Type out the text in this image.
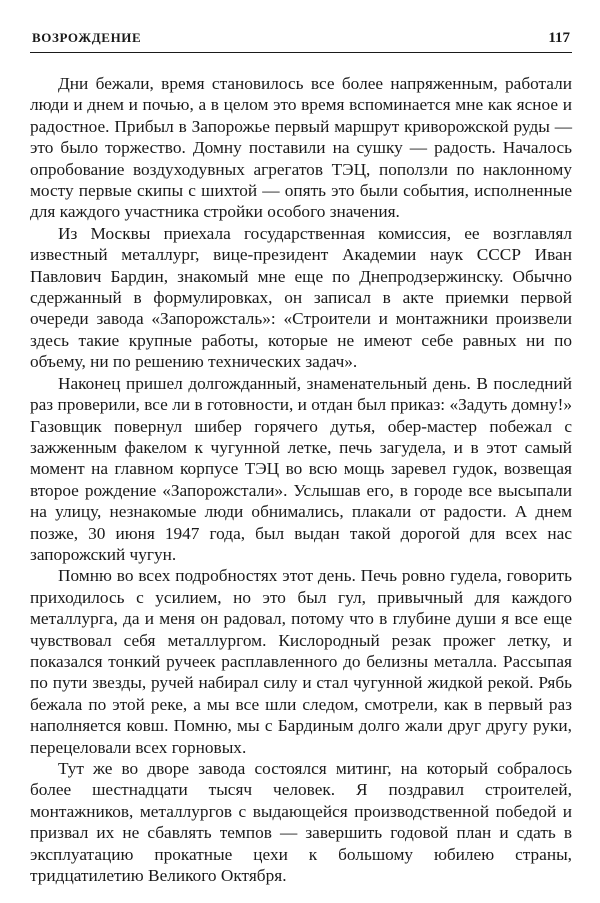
ВОЗРОЖДЕНИЕ	117

Дни бежали, время становилось все более напряженным, работали люди и днем и почью, а в целом это время вспоминается мне как ясное и радостное. Прибыл в Запорожье первый маршрут криворожской руды — это было торжество. Домну поставили на сушку — радость. Началось опробование воздуходувных агрегатов ТЭЦ, поползли по наклонному мосту первые скипы с шихтой — опять это были события, исполненные для каждого участника стройки особого значения.

Из Москвы приехала государственная комиссия, ее возглавлял известный металлург, вице-президент Академии наук СССР Иван Павлович Бардин, знакомый мне еще по Днепродзержинску. Обычно сдержанный в формулировках, он записал в акте приемки первой очереди завода «Запорожсталь»: «Строители и монтажники произвели здесь такие крупные работы, которые не имеют себе равных ни по объему, ни по решению технических задач».

Наконец пришел долгожданный, знаменательный день. В последний раз проверили, все ли в готовности, и отдан был приказ: «Задуть домну!» Газовщик повернул шибер горячего дутья, обер-мастер побежал с зажженным факелом к чугунной летке, печь загудела, и в этот самый момент на главном корпусе ТЭЦ во всю мощь заревел гудок, возвещая второе рождение «Запорожстали». Услышав его, в городе все высыпали на улицу, незнакомые люди обнимались, плакали от радости. А днем позже, 30 июня 1947 года, был выдан такой дорогой для всех нас запорожский чугун.

Помню во всех подробностях этот день. Печь ровно гудела, говорить приходилось с усилием, но это был гул, привычный для каждого металлурга, да и меня он радовал, потому что в глубине души я все еще чувствовал себя металлургом. Кислородный резак прожег летку, и показался тонкий ручеек расплавленного до белизны металла. Рассыпая по пути звезды, ручей набирал силу и стал чугунной жидкой рекой. Рябь бежала по этой реке, а мы все шли следом, смотрели, как в первый раз наполняется ковш. Помню, мы с Бардиным долго жали друг другу руки, перецеловали всех горновых.

Тут же во дворе завода состоялся митинг, на который собралось более шестнадцати тысяч человек. Я поздравил строителей, монтажников, металлургов с выдающейся производственной победой и призвал их не сбавлять темпов — завершить годовой план и сдать в эксплуатацию прокатные цехи к большому юбилею страны, тридцатилетию Великого Октября.
